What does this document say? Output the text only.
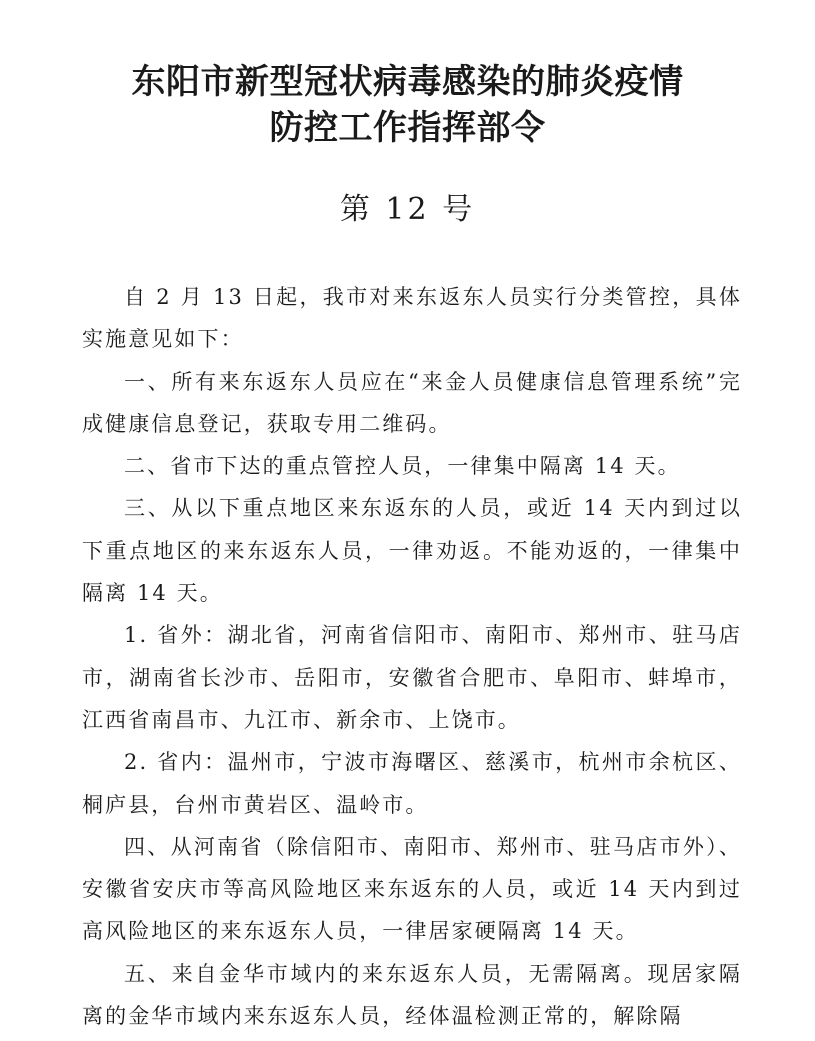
东阳市新型冠状病毒感染的肺炎疫情
防控工作指挥部令
第 12 号

自 2 月 13 日起，我市对来东返东人员实行分类管控，具体实施意见如下：

一、所有来东返东人员应在“来金人员健康信息管理系统”完成健康信息登记，获取专用二维码。

二、省市下达的重点管控人员，一律集中隔离 14 天。

三、从以下重点地区来东返东的人员，或近 14 天内到过以下重点地区的来东返东人员，一律劝返。不能劝返的，一律集中隔离 14 天。

1. 省外：湖北省，河南省信阳市、南阳市、郑州市、驻马店市，湖南省长沙市、岳阳市，安徽省合肥市、阜阳市、蚌埠市，江西省南昌市、九江市、新余市、上饶市。

2. 省内：温州市，宁波市海曙区、慈溪市，杭州市余杭区、桐庐县，台州市黄岩区、温岭市。

四、从河南省（除信阳市、南阳市、郑州市、驻马店市外）、安徽省安庆市等高风险地区来东返东的人员，或近 14 天内到过高风险地区的来东返东人员，一律居家硬隔离 14 天。

五、来自金华市域内的来东返东人员，无需隔离。现居家隔离的金华市域内来东返东人员，经体温检测正常的，解除隔
